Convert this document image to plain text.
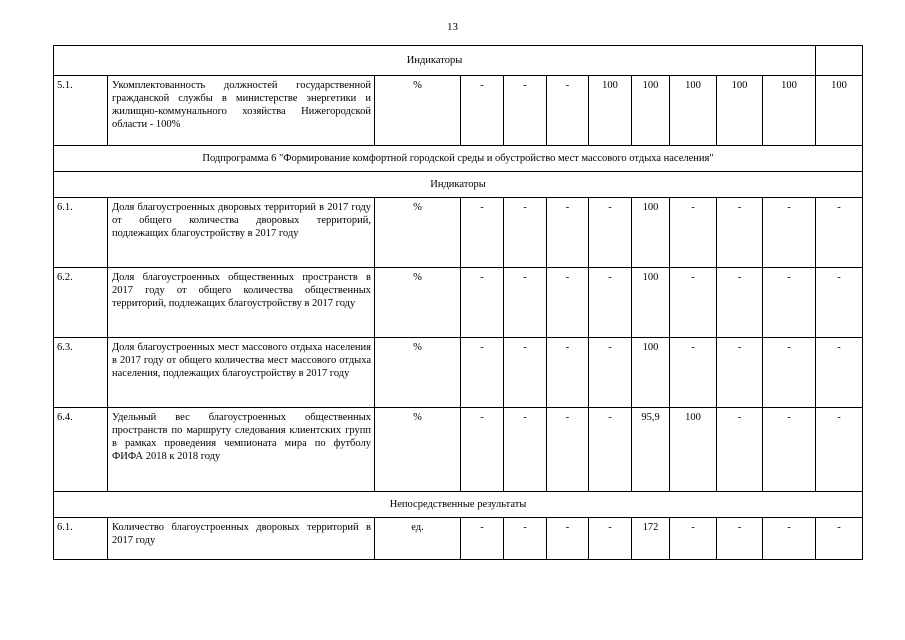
13
Индикаторы											
5.1.	Укомплектованность должностей государственной гражданской службы в министерстве энергетики и жилищно-коммунального хозяйства Нижегородской области - 100%	%	-	-	-	100	100	100	100	100	100
Подпрограмма 6 "Формирование комфортной городской среды и обустройство мест массового отдыха населения"											
Индикаторы											
6.1.	Доля благоустроенных дворовых территорий в 2017 году от общего количества дворовых территорий, подлежащих благоустройству в 2017 году	%	-	-	-	-	100	-	-	-	-
6.2.	Доля благоустроенных общественных пространств в 2017 году от общего количества общественных территорий, подлежащих благоустройству в 2017 году	%	-	-	-	-	100	-	-	-	-
6.3.	Доля благоустроенных мест массового отдыха населения в 2017 году от общего количества мест массового отдыха населения, подлежащих благоустройству в 2017 году	%	-	-	-	-	100	-	-	-	-
6.4.	Удельный вес благоустроенных общественных пространств по маршруту следования клиентских групп в рамках проведения чемпионата мира по футболу ФИФА 2018 к 2018 году	%	-	-	-	-	95,9	100	-	-	-
Непосредственные результаты											
6.1.	Количество благоустроенных дворовых территорий в 2017 году	ед.	-	-	-	-	172	-	-	-	-
